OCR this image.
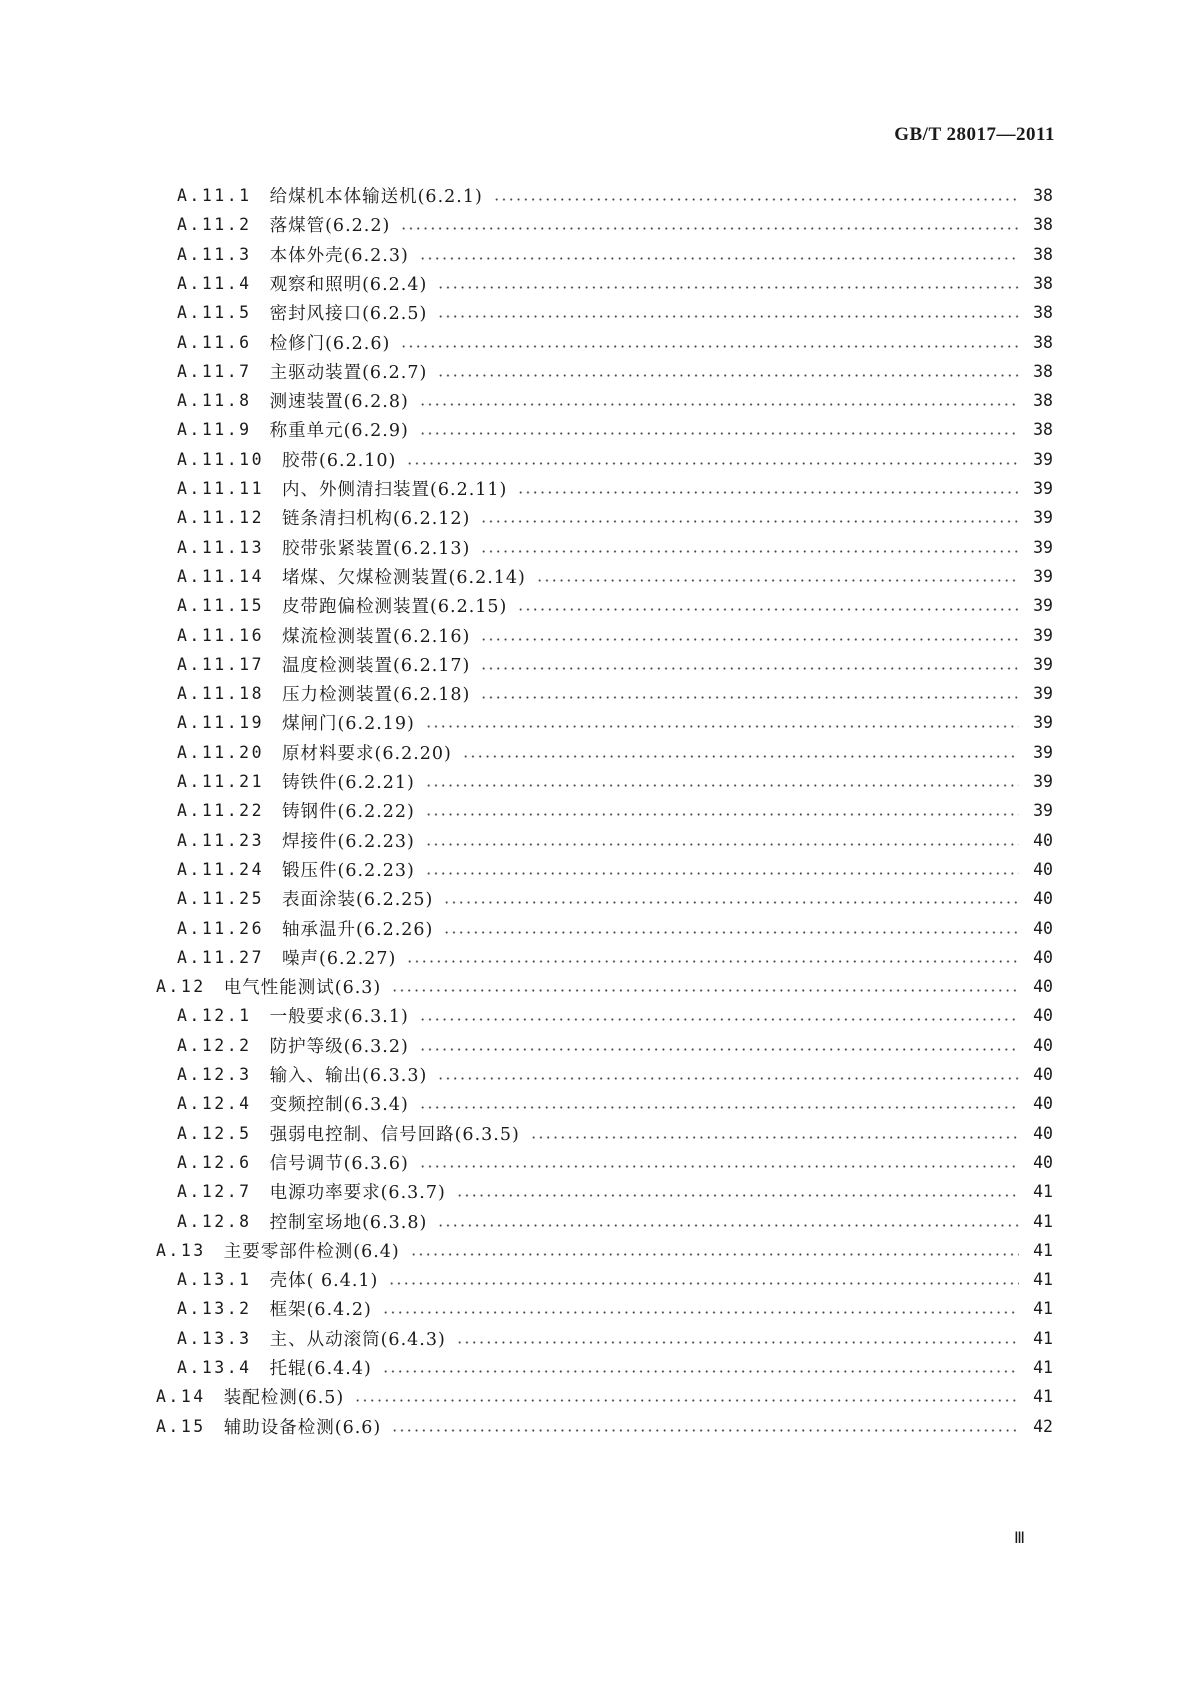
GB/T 28017—2011
A.11.1 给煤机本体输送机(6.2.1)	38
A.11.2 落煤管(6.2.2)	38
A.11.3 本体外壳(6.2.3)	38
A.11.4 观察和照明(6.2.4)	38
A.11.5 密封风接口(6.2.5)	38
A.11.6 检修门(6.2.6)	38
A.11.7 主驱动装置(6.2.7)	38
A.11.8 测速装置(6.2.8)	38
A.11.9 称重单元(6.2.9)	38
A.11.10 胶带(6.2.10)	39
A.11.11 内、外侧清扫装置(6.2.11)	39
A.11.12 链条清扫机构(6.2.12)	39
A.11.13 胶带张紧装置(6.2.13)	39
A.11.14 堵煤、欠煤检测装置(6.2.14)	39
A.11.15 皮带跑偏检测装置(6.2.15)	39
A.11.16 煤流检测装置(6.2.16)	39
A.11.17 温度检测装置(6.2.17)	39
A.11.18 压力检测装置(6.2.18)	39
A.11.19 煤闸门(6.2.19)	39
A.11.20 原材料要求(6.2.20)	39
A.11.21 铸铁件(6.2.21)	39
A.11.22 铸钢件(6.2.22)	39
A.11.23 焊接件(6.2.23)	40
A.11.24 锻压件(6.2.23)	40
A.11.25 表面涂装(6.2.25)	40
A.11.26 轴承温升(6.2.26)	40
A.11.27 噪声(6.2.27)	40
A.12 电气性能测试(6.3)	40
A.12.1 一般要求(6.3.1)	40
A.12.2 防护等级(6.3.2)	40
A.12.3 输入、输出(6.3.3)	40
A.12.4 变频控制(6.3.4)	40
A.12.5 强弱电控制、信号回路(6.3.5)	40
A.12.6 信号调节(6.3.6)	40
A.12.7 电源功率要求(6.3.7)	41
A.12.8 控制室场地(6.3.8)	41
A.13 主要零部件检测(6.4)	41
A.13.1 壳体( 6.4.1)	41
A.13.2 框架(6.4.2)	41
A.13.3 主、从动滚筒(6.4.3)	41
A.13.4 托辊(6.4.4)	41
A.14 装配检测(6.5)	41
A.15 辅助设备检测(6.6)	42
Ⅲ
